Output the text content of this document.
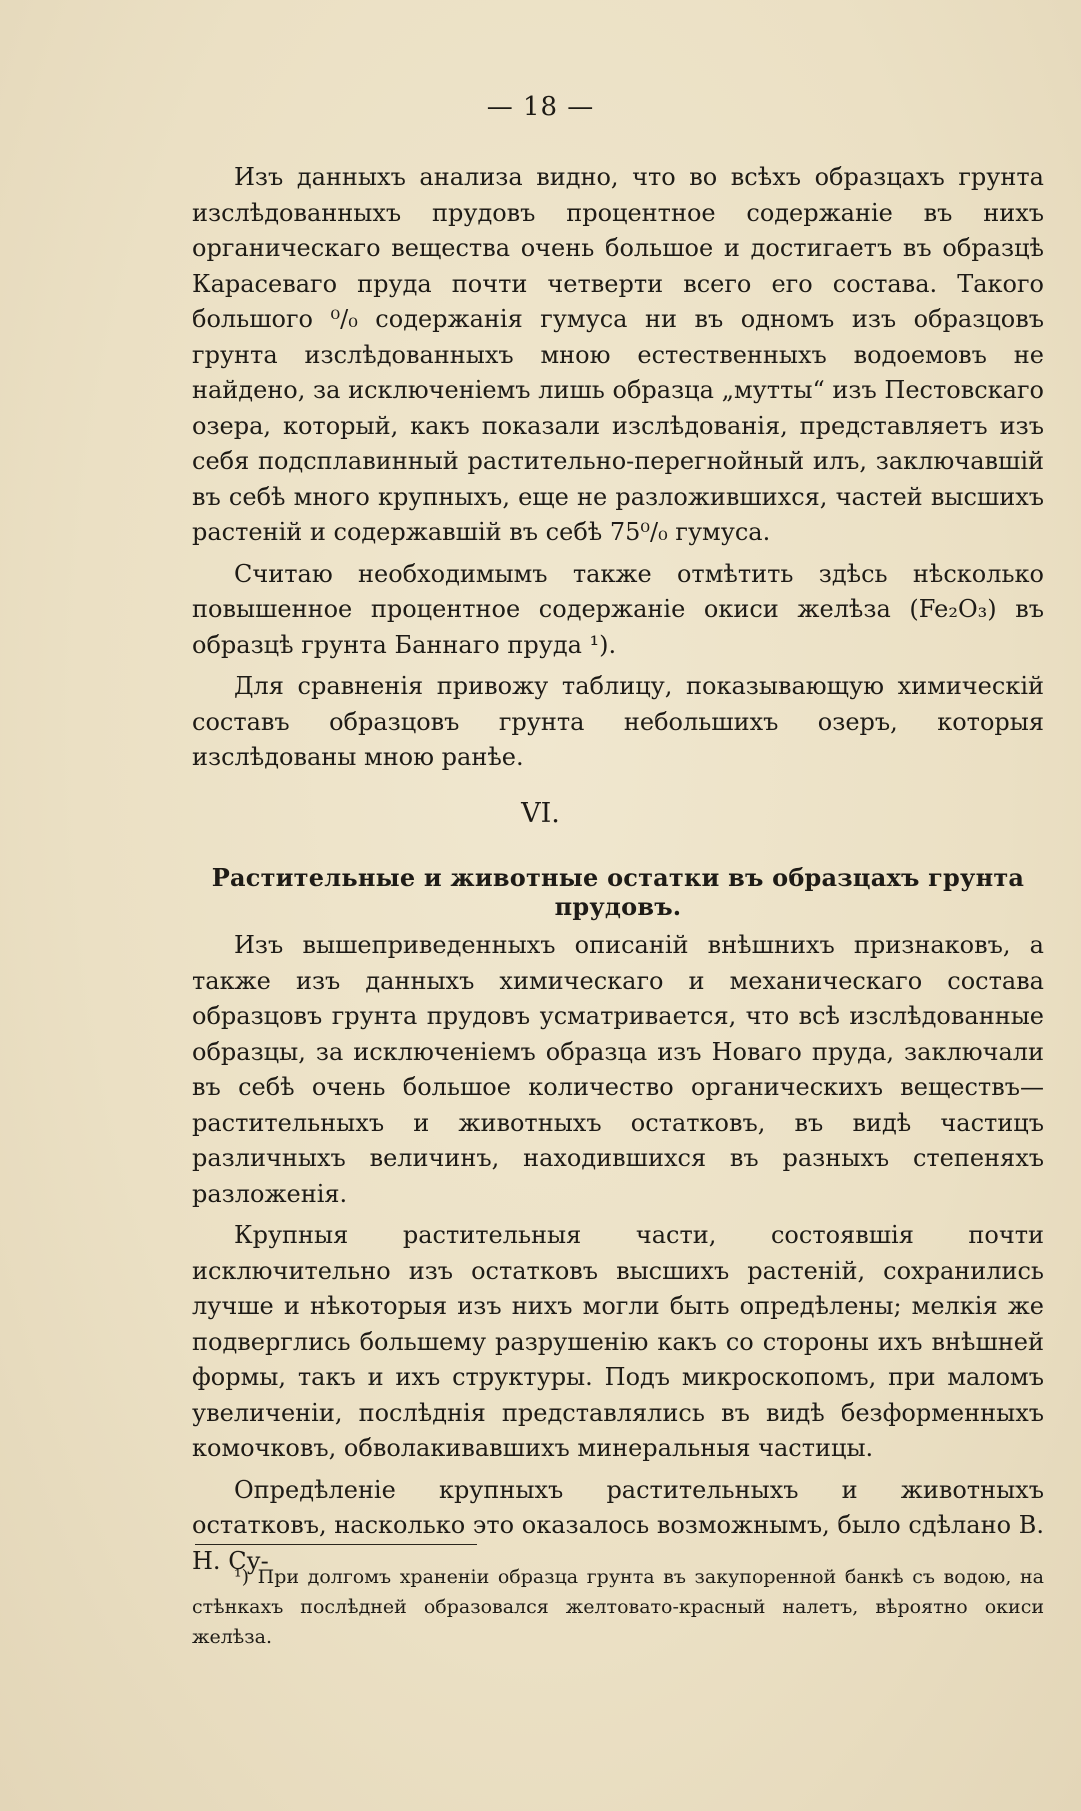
— 18 —

Изъ данныхъ анализа видно, что во всѣхъ образцахъ грунта изслѣдованныхъ прудовъ процентное содержаніе въ нихъ органическаго вещества очень большое и достигаетъ въ образцѣ Карасеваго пруда почти четверти всего его состава. Такого большого ⁰/₀ содержанія гумуса ни въ одномъ изъ образцовъ грунта изслѣдованныхъ мною естественныхъ водоемовъ не найдено, за исключеніемъ лишь образца „мутты“ изъ Пестовскаго озера, который, какъ показали изслѣдованія, представляетъ изъ себя подсплавинный растительно-перегнойный илъ, заключавшій въ себѣ много крупныхъ, еще не разложившихся, частей высшихъ растеній и содержавшій въ себѣ 75⁰/₀ гумуса.

Считаю необходимымъ также отмѣтить здѣсь нѣсколько повышенное процентное содержаніе окиси желѣза (Fe₂O₃) въ образцѣ грунта Баннаго пруда ¹).

Для сравненія привожу таблицу, показывающую химическій составъ образцовъ грунта небольшихъ озеръ, которыя изслѣдованы мною ранѣе.

VI.
Растительные и животные остатки въ образцахъ грунта прудовъ.

Изъ вышеприведенныхъ описаній внѣшнихъ признаковъ, а также изъ данныхъ химическаго и механическаго состава образцовъ грунта прудовъ усматривается, что всѣ изслѣдованные образцы, за исключеніемъ образца изъ Новаго пруда, заключали въ себѣ очень большое количество органическихъ веществъ— растительныхъ и животныхъ остатковъ, въ видѣ частицъ различныхъ величинъ, находившихся въ разныхъ степеняхъ разложенія.

Крупныя растительныя части, состоявшія почти исключительно изъ остатковъ высшихъ растеній, сохранились лучше и нѣкоторыя изъ нихъ могли быть опредѣлены; мелкія же подверглись большему разрушенію какъ со стороны ихъ внѣшней формы, такъ и ихъ структуры. Подъ микроскопомъ, при маломъ увеличеніи, послѣднія представлялись въ видѣ безформенныхъ комочковъ, обволакивавшихъ минеральныя частицы.

Опредѣленіе крупныхъ растительныхъ и животныхъ остатковъ, насколько это оказалось возможнымъ, было сдѣлано В. Н. Су-

¹) При долгомъ храненіи образца грунта въ закупоренной банкѣ съ водою, на стѣнкахъ послѣдней образовался желтовато-красный налетъ, вѣроятно окиси желѣза.
